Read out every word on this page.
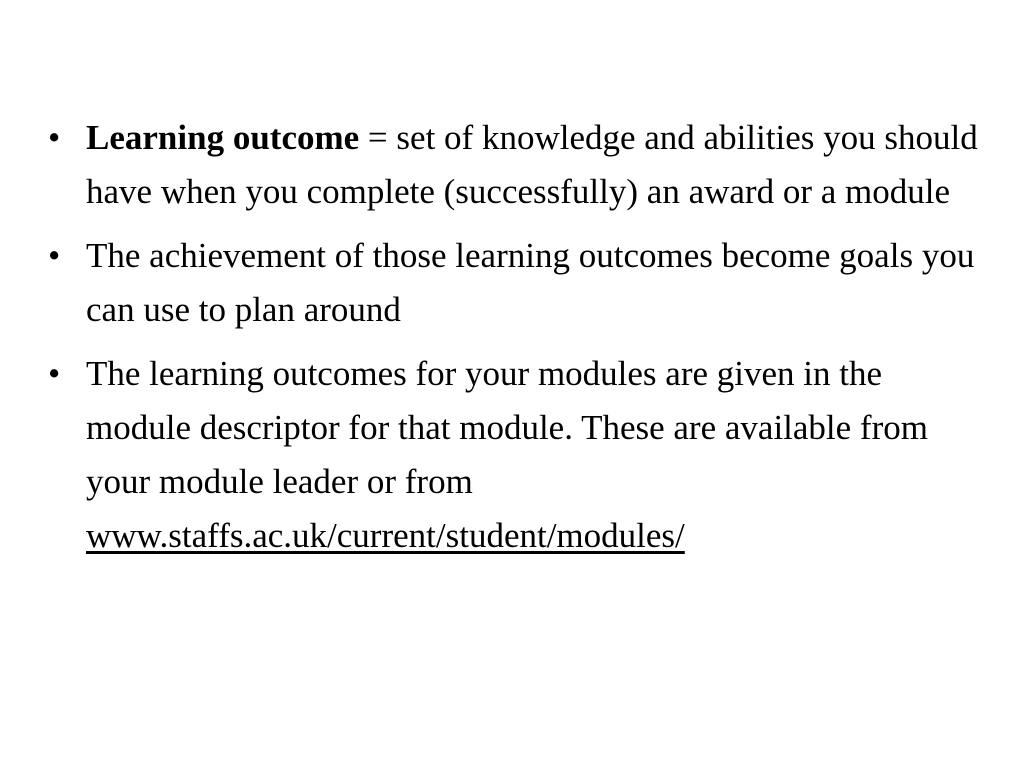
• Learning outcome = set of knowledge and abilities you should have when you complete (successfully) an award or a module
• The achievement of those learning outcomes become goals you can use to plan around
• The learning outcomes for your modules are given in the module descriptor for that module. These are available from your module leader or from www.staffs.ac.uk/current/student/modules/
